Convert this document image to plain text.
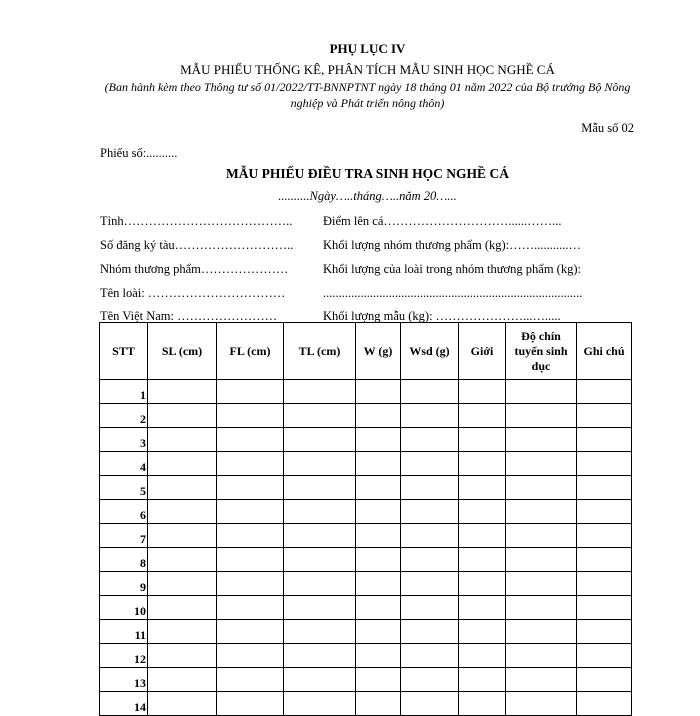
PHỤ LỤC IV
MẪU PHIẾU THỐNG KÊ, PHÂN TÍCH MẪU SINH HỌC NGHỀ CÁ
(Ban hành kèm theo Thông tư số 01/2022/TT-BNNPTNT ngày 18 tháng 01 năm 2022 của Bộ trưởng Bộ Nông nghiệp và Phát triển nông thôn)
Mẫu số 02
Phiếu số:..........
MẪU PHIẾU ĐIỀU TRA SINH HỌC NGHỀ CÁ
..........Ngày…..tháng…..năm 20…...
Tỉnh………………………………….. Điểm lên cá…………………………......……...
Số đăng ký tàu……………………….. Khối lượng nhóm thương phẩm (kg):……...........…
Nhóm thương phẩm…………………	Khối lượng của loài trong nhóm thương phẩm (kg):
Tên loài: ……………………………	...................................................................................
Tên Việt Nam: ……………………	Khối lượng mẫu (kg): …………………...….....
STT	SL (cm)	FL (cm)	TL (cm)	W (g)	Wsd (g)	Giới	Độ chín tuyến sinh dục	Ghi chú
1								
2								
3								
4								
5								
6								
7								
8								
9								
10								
11								
12								
13								
14								
